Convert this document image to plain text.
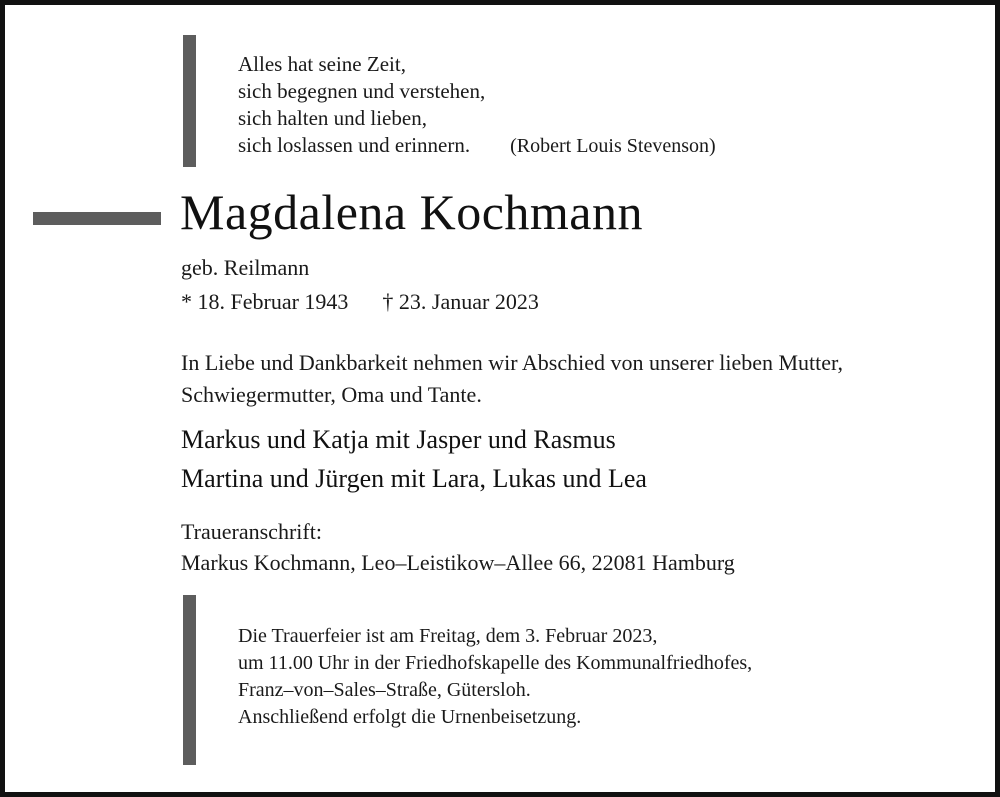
Alles hat seine Zeit,
sich begegnen und verstehen,
sich halten und lieben,
sich loslassen und erinnern. (Robert Louis Stevenson)
Magdalena Kochmann
geb. Reilmann
* 18. Februar 1943 † 23. Januar 2023
In Liebe und Dankbarkeit nehmen wir Abschied von unserer lieben Mutter, Schwiegermutter, Oma und Tante.
Markus und Katja mit Jasper und Rasmus
Martina und Jürgen mit Lara, Lukas und Lea
Traueranschrift:
Markus Kochmann, Leo–Leistikow–Allee 66, 22081 Hamburg
Die Trauerfeier ist am Freitag, dem 3. Februar 2023,
um 11.00 Uhr in der Friedhofskapelle des Kommunalfriedhofes,
Franz–von–Sales–Straße, Gütersloh.
Anschließend erfolgt die Urnenbeisetzung.
